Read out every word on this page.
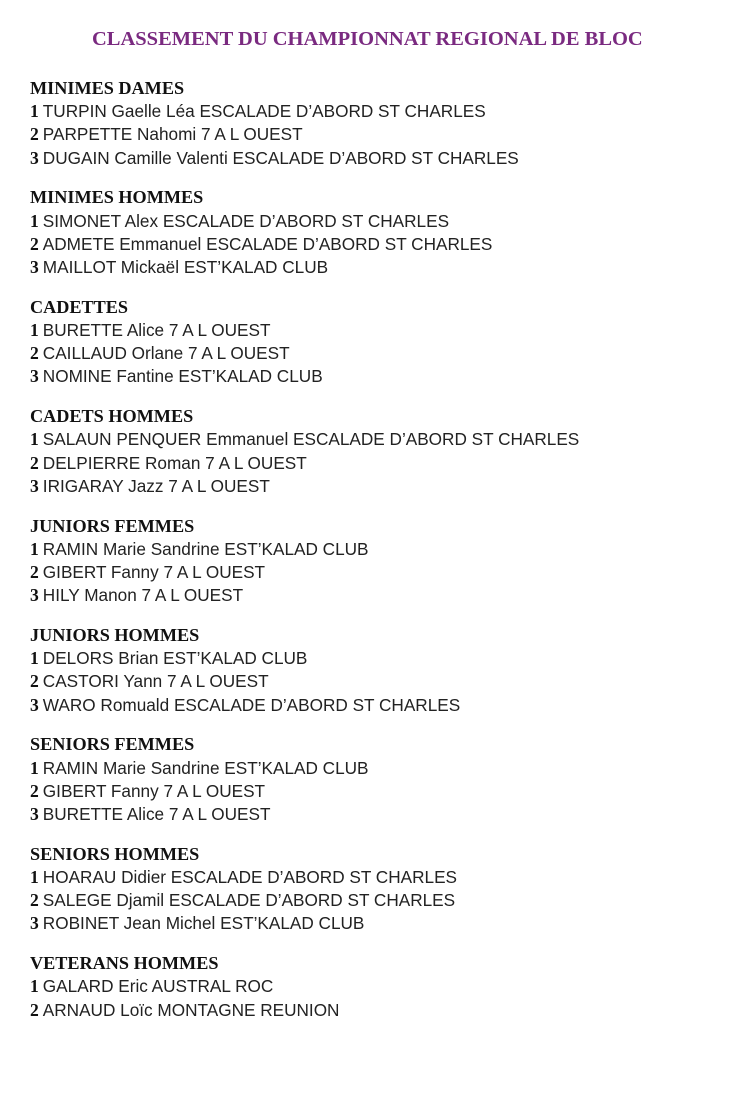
CLASSEMENT DU CHAMPIONNAT REGIONAL DE BLOC
MINIMES DAMES
1 TURPIN Gaelle Léa ESCALADE D’ABORD ST CHARLES
2 PARPETTE Nahomi 7 A L OUEST
3 DUGAIN Camille Valenti ESCALADE D’ABORD ST CHARLES
MINIMES HOMMES
1 SIMONET Alex ESCALADE D’ABORD ST CHARLES
2 ADMETE Emmanuel ESCALADE D’ABORD ST CHARLES
3 MAILLOT Mickaël EST’KALAD CLUB
CADETTES
1 BURETTE Alice 7 A L OUEST
2 CAILLAUD Orlane 7 A L OUEST
3 NOMINE Fantine EST’KALAD CLUB
CADETS HOMMES
1 SALAUN PENQUER Emmanuel ESCALADE D’ABORD ST CHARLES
2 DELPIERRE Roman 7 A L OUEST
3 IRIGARAY Jazz 7 A L OUEST
JUNIORS FEMMES
1 RAMIN Marie Sandrine EST’KALAD CLUB
2 GIBERT Fanny 7 A L OUEST
3 HILY Manon 7 A L OUEST
JUNIORS HOMMES
1 DELORS Brian EST’KALAD CLUB
2 CASTORI Yann 7 A L OUEST
3 WARO Romuald ESCALADE D’ABORD ST CHARLES
SENIORS FEMMES
1 RAMIN Marie Sandrine EST’KALAD CLUB
2 GIBERT Fanny 7 A L OUEST
3 BURETTE Alice 7 A L OUEST
SENIORS HOMMES
1 HOARAU Didier ESCALADE D’ABORD ST CHARLES
2 SALEGE Djamil ESCALADE D’ABORD ST CHARLES
3 ROBINET Jean Michel EST’KALAD CLUB
VETERANS HOMMES
1 GALARD Eric AUSTRAL ROC
2 ARNAUD Loïc MONTAGNE REUNION
